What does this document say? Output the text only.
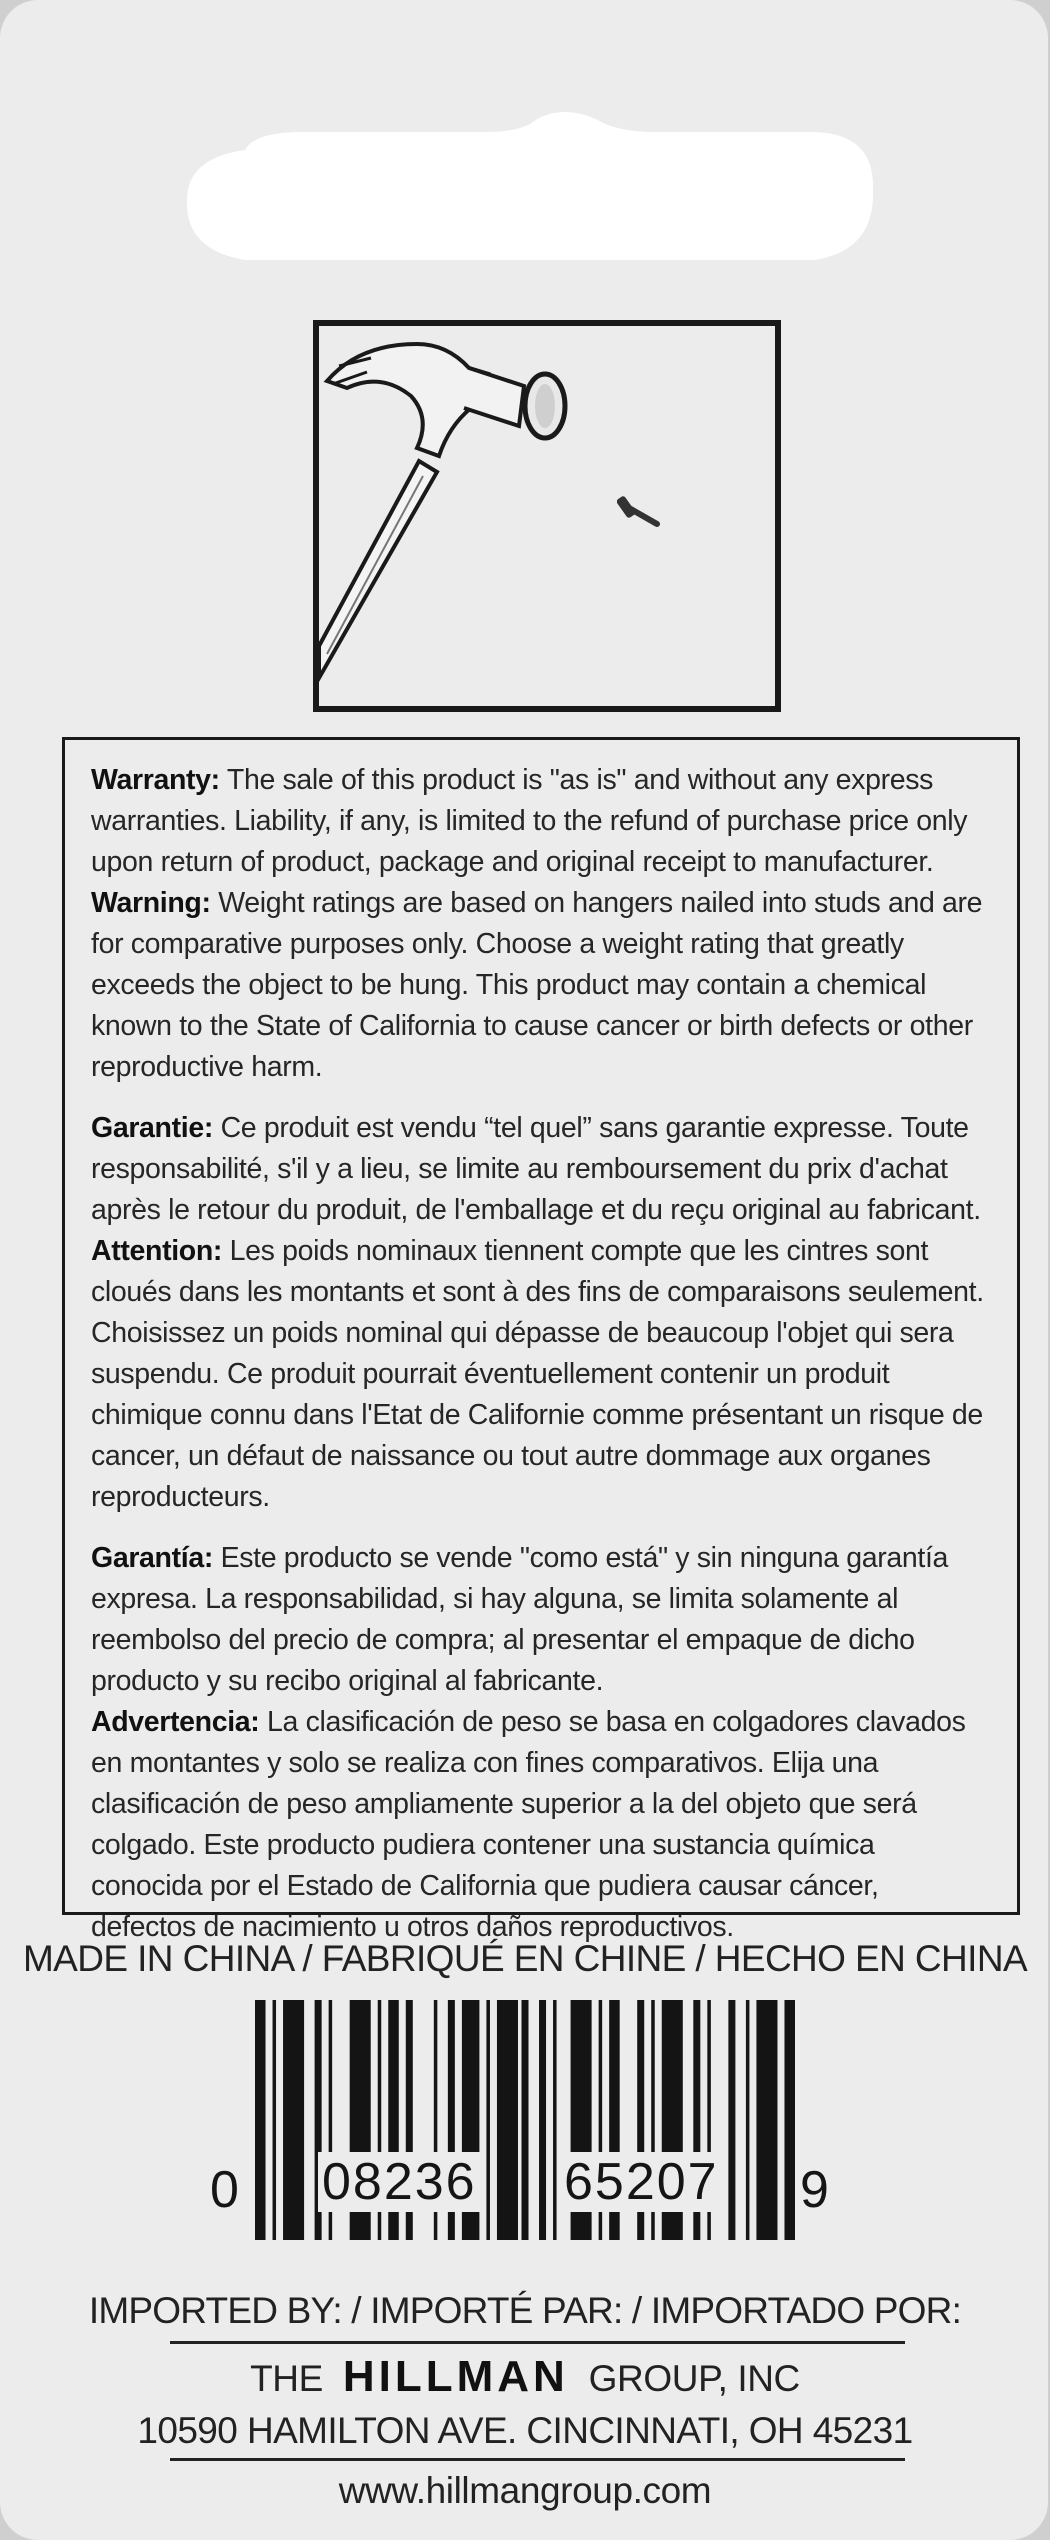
Warranty: The sale of this product is "as is" and without any express warranties. Liability, if any, is limited to the refund of purchase price only upon return of product, package and original receipt to manufacturer.

Warning: Weight ratings are based on hangers nailed into studs and are for comparative purposes only. Choose a weight rating that greatly exceeds the object to be hung. This product may contain a chemical known to the State of California to cause cancer or birth defects or other reproductive harm.

Garantie: Ce produit est vendu “tel quel” sans garantie expresse. Toute responsabilité, s'il y a lieu, se limite au remboursement du prix d'achat après le retour du produit, de l'emballage et du reçu original au fabricant.

Attention: Les poids nominaux tiennent compte que les cintres sont cloués dans les montants et sont à des fins de comparaisons seulement. Choisissez un poids nominal qui dépasse de beaucoup l'objet qui sera suspendu. Ce produit pourrait éventuellement contenir un produit chimique connu dans l'Etat de Californie comme présentant un risque de cancer, un défaut de naissance ou tout autre dommage aux organes reproducteurs.

Garantía: Este producto se vende "como está" y sin ninguna garantía expresa. La responsabilidad, si hay alguna, se limita solamente al reembolso del precio de compra; al presentar el empaque de dicho producto y su recibo original al fabricante.

Advertencia: La clasificación de peso se basa en colgadores clavados en montantes y solo se realiza con fines comparativos. Elija una clasificación de peso ampliamente superior a la del objeto que será colgado. Este producto pudiera contener una sustancia química conocida por el Estado de California que pudiera causar cáncer, defectos de nacimiento u otros daños reproductivos.

MADE IN CHINA / FABRIQUÉ EN CHINE / HECHO EN CHINA
0 08236 65207 9
IMPORTED BY: / IMPORTÉ PAR: / IMPORTADO POR:
THE HILLMAN GROUP, INC
10590 HAMILTON AVE. CINCINNATI, OH 45231
www.hillmangroup.com
